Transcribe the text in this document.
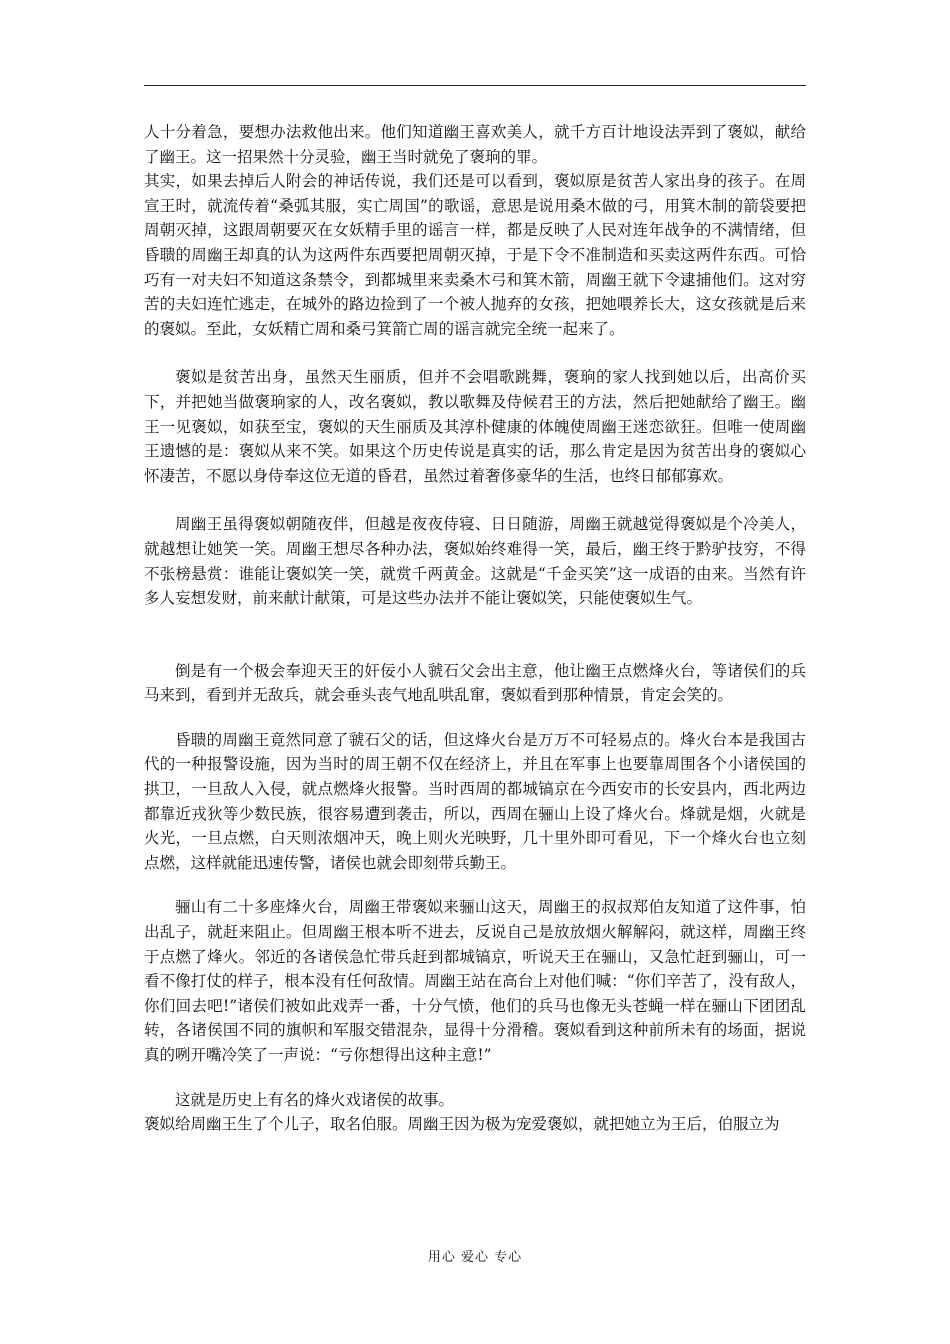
人十分着急，要想办法救他出来。他们知道幽王喜欢美人，就千方百计地设法弄到了褒姒，献给了幽王。这一招果然十分灵验，幽王当时就免了褒珦的罪。

其实，如果去掉后人附会的神话传说，我们还是可以看到，褒姒原是贫苦人家出身的孩子。在周宣王时，就流传着“桑弧其服，实亡周国”的歌谣，意思是说用桑木做的弓，用箕木制的箭袋要把周朝灭掉，这跟周朝要灭在女妖精手里的谣言一样，都是反映了人民对连年战争的不满情绪，但昏聩的周幽王却真的认为这两件东西要把周朝灭掉，于是下令不准制造和买卖这两件东西。可恰巧有一对夫妇不知道这条禁令，到都城里来卖桑木弓和箕木箭，周幽王就下令逮捕他们。这对穷苦的夫妇连忙逃走，在城外的路边捡到了一个被人抛弃的女孩，把她喂养长大，这女孩就是后来的褒姒。至此，女妖精亡周和桑弓箕箭亡周的谣言就完全统一起来了。

褒姒是贫苦出身，虽然天生丽质，但并不会唱歌跳舞，褒珦的家人找到她以后，出高价买下，并把她当做褒珦家的人，改名褒姒，教以歌舞及侍候君王的方法，然后把她献给了幽王。幽王一见褒姒，如获至宝，褒姒的天生丽质及其淳朴健康的体魄使周幽王迷恋欲狂。但唯一使周幽王遗憾的是：褒姒从来不笑。如果这个历史传说是真实的话，那么肯定是因为贫苦出身的褒姒心怀凄苦，不愿以身侍奉这位无道的昏君，虽然过着奢侈豪华的生活，也终日郁郁寡欢。

周幽王虽得褒姒朝随夜伴，但越是夜夜侍寝、日日随游，周幽王就越觉得褒姒是个冷美人，就越想让她笑一笑。周幽王想尽各种办法，褒姒始终难得一笑，最后，幽王终于黔驴技穷，不得不张榜悬赏：谁能让褒姒笑一笑，就赏千两黄金。这就是“千金买笑”这一成语的由来。当然有许多人妄想发财，前来献计献策，可是这些办法并不能让褒姒笑，只能使褒姒生气。

倒是有一个极会奉迎天王的奸佞小人虢石父会出主意，他让幽王点燃烽火台，等诸侯们的兵马来到，看到并无敌兵，就会垂头丧气地乱哄乱窜，褒姒看到那种情景，肯定会笑的。

昏聩的周幽王竟然同意了虢石父的话，但这烽火台是万万不可轻易点的。烽火台本是我国古代的一种报警设施，因为当时的周王朝不仅在经济上，并且在军事上也要靠周围各个小诸侯国的拱卫，一旦敌人入侵，就点燃烽火报警。当时西周的都城镐京在今西安市的长安县内，西北两边都靠近戎狄等少数民族，很容易遭到袭击，所以，西周在骊山上设了烽火台。烽就是烟，火就是火光，一旦点燃，白天则浓烟冲天，晚上则火光映野，几十里外即可看见，下一个烽火台也立刻点燃，这样就能迅速传警，诸侯也就会即刻带兵勤王。

骊山有二十多座烽火台，周幽王带褒姒来骊山这天，周幽王的叔叔郑伯友知道了这件事，怕出乱子，就赶来阻止。但周幽王根本听不进去，反说自己是放放烟火解解闷，就这样，周幽王终于点燃了烽火。邻近的各诸侯急忙带兵赶到都城镐京，听说天王在骊山，又急忙赶到骊山，可一看不像打仗的样子，根本没有任何敌情。周幽王站在高台上对他们喊：“你们辛苦了，没有敌人，你们回去吧!”诸侯们被如此戏弄一番，十分气愤，他们的兵马也像无头苍蝇一样在骊山下团团乱转，各诸侯国不同的旗帜和军服交错混杂，显得十分滑稽。褒姒看到这种前所未有的场面，据说真的咧开嘴冷笑了一声说：“亏你想得出这种主意!”

这就是历史上有名的烽火戏诸侯的故事。

褒姒给周幽王生了个儿子，取名伯服。周幽王因为极为宠爱褒姒，就把她立为王后，伯服立为

用心 爱心 专心
